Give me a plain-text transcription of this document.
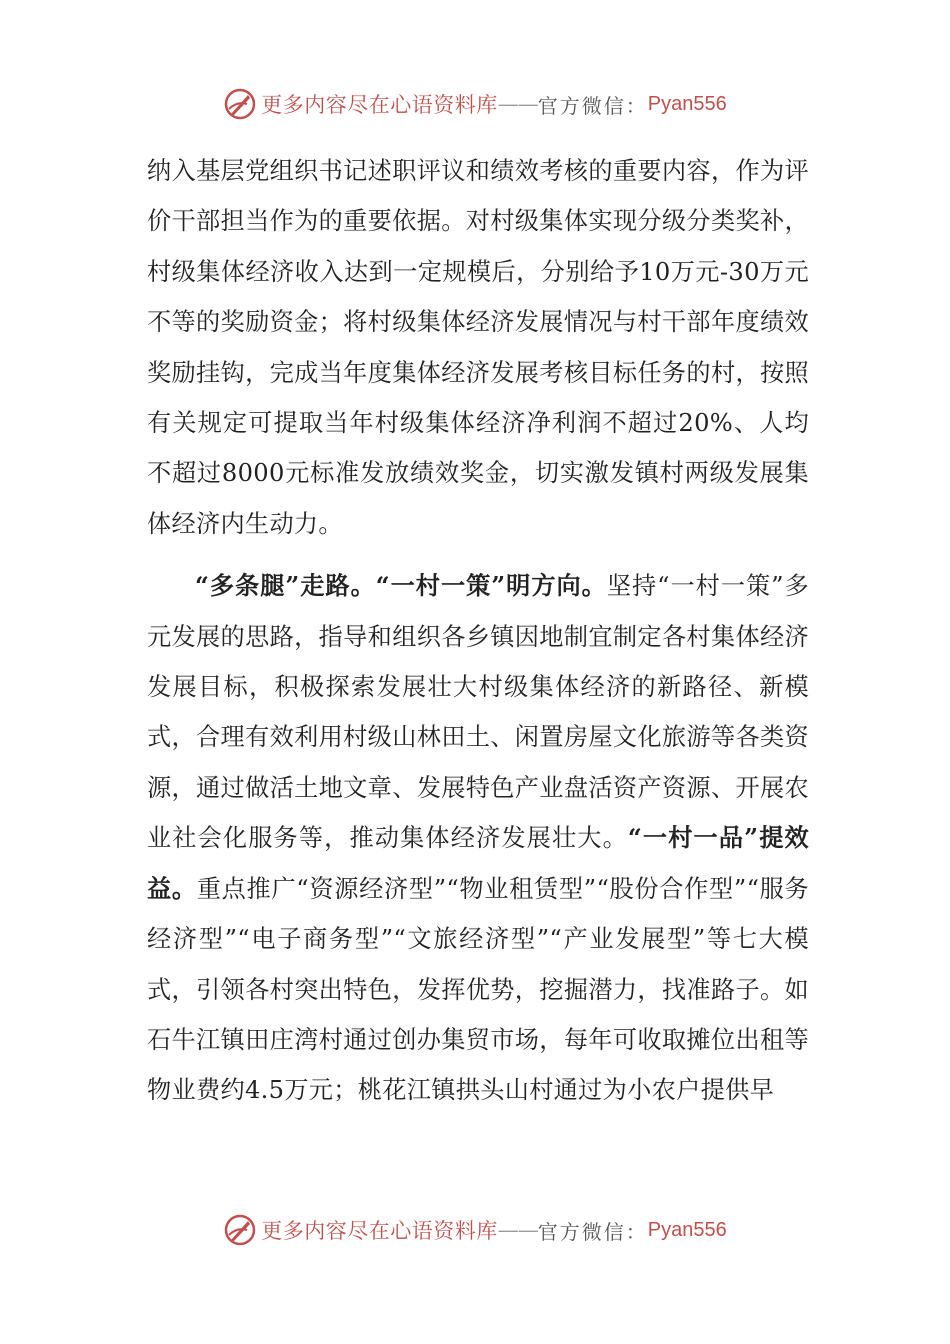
更多内容尽在心语资料库 —— 官方微信： Pyan556

纳入基层党组织书记述职评议和绩效考核的重要内容，作为评价干部担当作为的重要依据。对村级集体实现分级分类奖补，村级集体经济收入达到一定规模后，分别给予10万元-30万元不等的奖励资金；将村级集体经济发展情况与村干部年度绩效奖励挂钩，完成当年度集体经济发展考核目标任务的村，按照有关规定可提取当年村级集体经济净利润不超过20%、人均不超过8000元标准发放绩效奖金，切实激发镇村两级发展集体经济内生动力。

“多条腿”走路。“一村一策”明方向。坚持“一村一策”多元发展的思路，指导和组织各乡镇因地制宜制定各村集体经济发展目标，积极探索发展壮大村级集体经济的新路径、新模式，合理有效利用村级山林田土、闲置房屋文化旅游等各类资源，通过做活土地文章、发展特色产业盘活资产资源、开展农业社会化服务等，推动集体经济发展壮大。“一村一品”提效益。重点推广“资源经济型”“物业租赁型”“股份合作型”“服务经济型”“电子商务型”“文旅经济型”“产业发展型”等七大模式，引领各村突出特色，发挥优势，挖掘潜力，找准路子。如石牛江镇田庄湾村通过创办集贸市场，每年可收取摊位出租等物业费约4.5万元；桃花江镇拱头山村通过为小农户提供早

更多内容尽在心语资料库 —— 官方微信： Pyan556
